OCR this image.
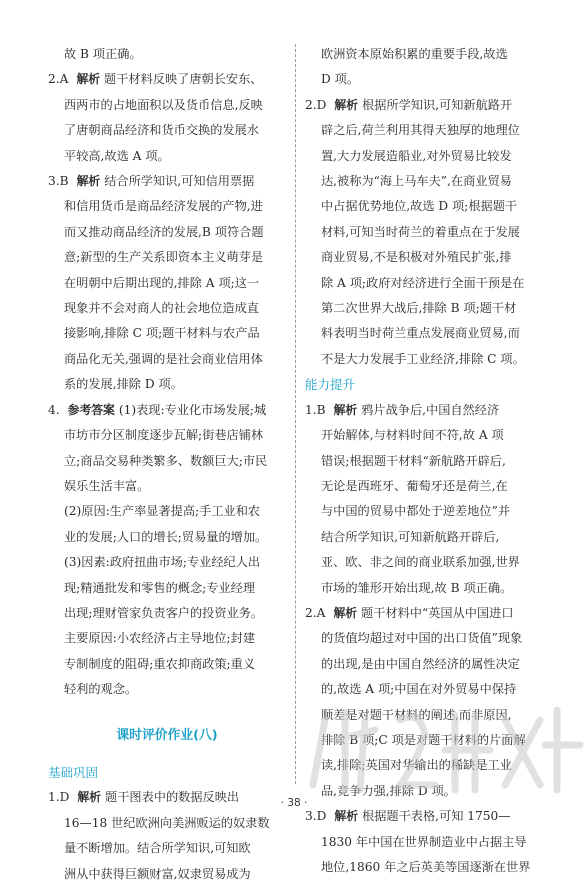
故 B 项正确。

2.A 解析 题干材料反映了唐朝长安东、

西两市的占地面积以及货币信息,反映

了唐朝商品经济和货币交换的发展水

平较高,故选 A 项。

3.B 解析 结合所学知识,可知信用票据

和信用货币是商品经济发展的产物,进

而又推动商品经济的发展,B 项符合题

意;新型的生产关系即资本主义萌芽是

在明朝中后期出现的,排除 A 项;这一

现象并不会对商人的社会地位造成直

接影响,排除 C 项;题干材料与农产品

商品化无关,强调的是社会商业信用体

系的发展,排除 D 项。

4. 参考答案 (1)表现:专业化市场发展;城

市坊市分区制度逐步瓦解;街巷店铺林

立;商品交易种类繁多、数额巨大;市民

娱乐生活丰富。

(2)原因:生产率显著提高;手工业和农

业的发展;人口的增长;贸易量的增加。

(3)因素:政府扭曲市场;专业经纪人出

现;精通批发和零售的概念;专业经理

出现;理财管家负责客户的投资业务。

主要原因:小农经济占主导地位;封建

专制制度的阻碍;重农抑商政策;重义

轻利的观念。

课时评价作业(八)
基础巩固

1.D 解析 题干图表中的数据反映出

16—18 世纪欧洲向美洲贩运的奴隶数

量不断增加。结合所学知识,可知欧

洲从中获得巨额财富,奴隶贸易成为

欧洲资本原始积累的重要手段,故选

D 项。

2.D 解析 根据所学知识,可知新航路开

辟之后,荷兰利用其得天独厚的地理位

置,大力发展造船业,对外贸易比较发

达,被称为“海上马车夫”,在商业贸易

中占据优势地位,故选 D 项;根据题干

材料,可知当时荷兰的着重点在于发展

商业贸易,不是积极对外殖民扩张,排

除 A 项;政府对经济进行全面干预是在

第二次世界大战后,排除 B 项;题干材

料表明当时荷兰重点发展商业贸易,而

不是大力发展手工业经济,排除 C 项。

能力提升

1.B 解析 鸦片战争后,中国自然经济

开始解体,与材料时间不符,故 A 项

错误;根据题干材料“新航路开辟后,

无论是西班牙、葡萄牙还是荷兰,在

与中国的贸易中都处于逆差地位”并

结合所学知识,可知新航路开辟后,

亚、欧、非之间的商业联系加强,世界

市场的雏形开始出现,故 B 项正确。

2.A 解析 题干材料中“英国从中国进口

的货值均超过对中国的出口货值”现象

的出现,是由中国自然经济的属性决定

的,故选 A 项;中国在对外贸易中保持

顺差是对题干材料的阐述,而非原因,

排除 B 项;C 项是对题干材料的片面解

读,排除;英国对华输出的稀缺是工业

品,竞争力强,排除 D 项。

3.D 解析 根据题干表格,可知 1750—

1830 年中国在世界制造业中占据主导

地位,1860 年之后英美等国逐渐在世界

· 38 ·
